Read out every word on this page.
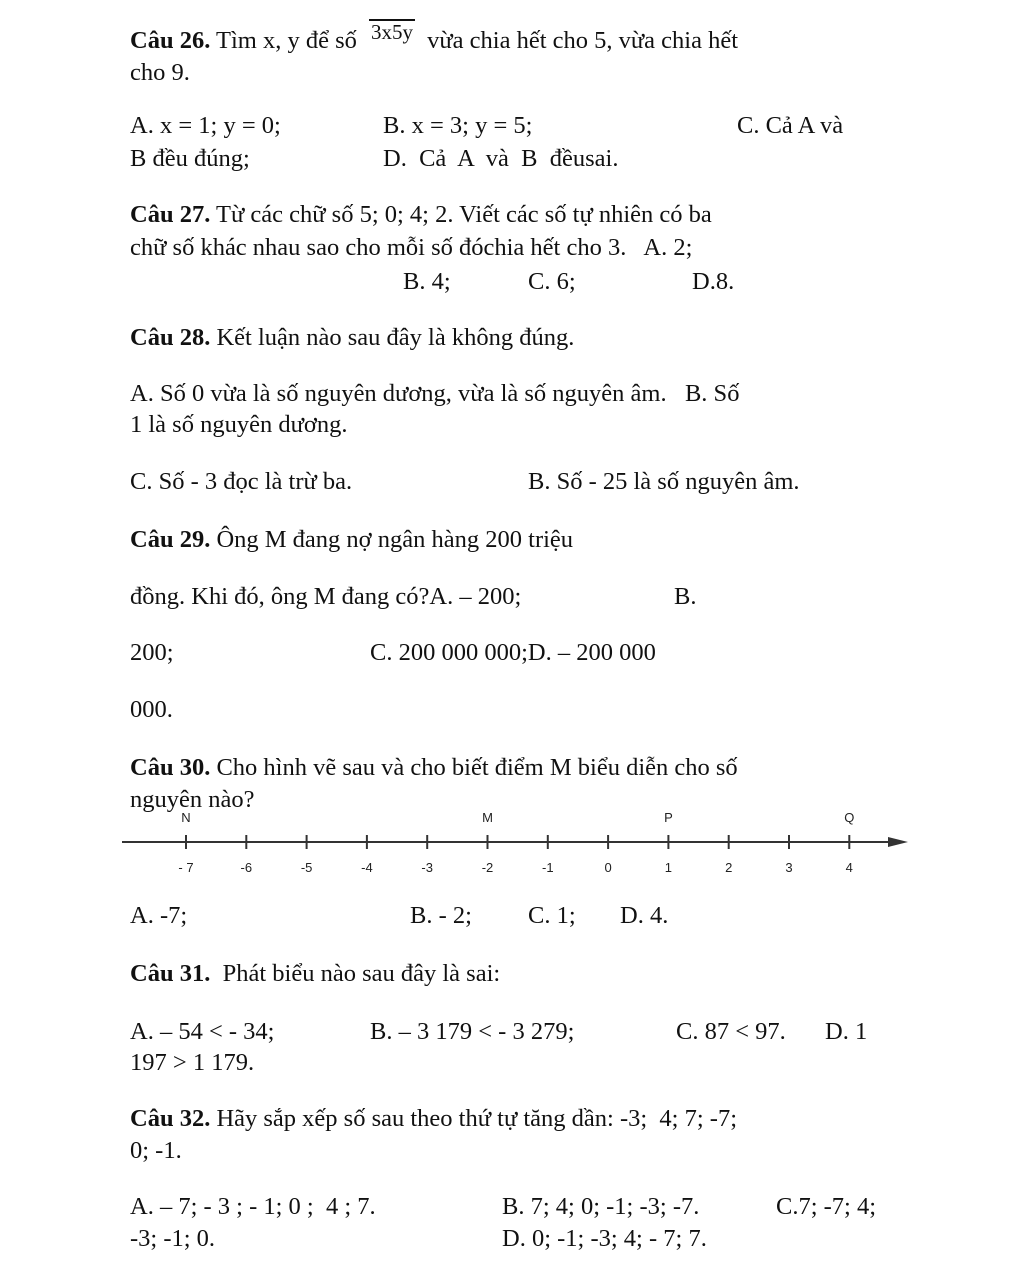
Câu 26. Tìm x, y để số 3x5y vừa chia hết cho 5, vừa chia hết
cho 9.
A. x = 1; y = 0;	B. x = 3; y = 5;	C. Cả A và
B đều đúng;	D.  Cả  A  và  B  đềusai.
Câu 27. Từ các chữ số 5; 0; 4; 2. Viết các số tự nhiên có ba
chữ số khác nhau sao cho mỗi số đóchia hết cho 3.   A. 2;
B. 4;	C. 6;	D.8.
Câu 28. Kết luận nào sau đây là không đúng.
A. Số 0 vừa là số nguyên dương, vừa là số nguyên âm.   B. Số
1 là số nguyên dương.
C. Số - 3 đọc là trừ ba.	B. Số - 25 là số nguyên âm.
Câu 29. Ông M đang nợ ngân hàng 200 triệu
đồng. Khi đó, ông M đang có?A. – 200;	B.
200;	C. 200 000 000;D. – 200 000
000.
Câu 30. Cho hình vẽ sau và cho biết điểm M biểu diễn cho số
nguyên nào?
- 7	-6	-5	-4	-3	-2	-1	0	1	2	3	4
N	M	P	Q
A. -7;	B. - 2; C. 1; D. 4.
Câu 31.  Phát biểu nào sau đây là sai:
A. – 54 < - 34;	B. – 3 179 < - 3 279;	C. 87 < 97. D. 1
197 > 1 179.
Câu 32. Hãy sắp xếp số sau theo thứ tự tăng dần: -3;  4; 7; -7;
0; -1.
A. – 7; - 3 ; - 1; 0 ;  4 ; 7.	B. 7; 4; 0; -1; -3; -7.	C.7; -7; 4;
-3; -1; 0.	D. 0; -1; -3; 4; - 7; 7.
